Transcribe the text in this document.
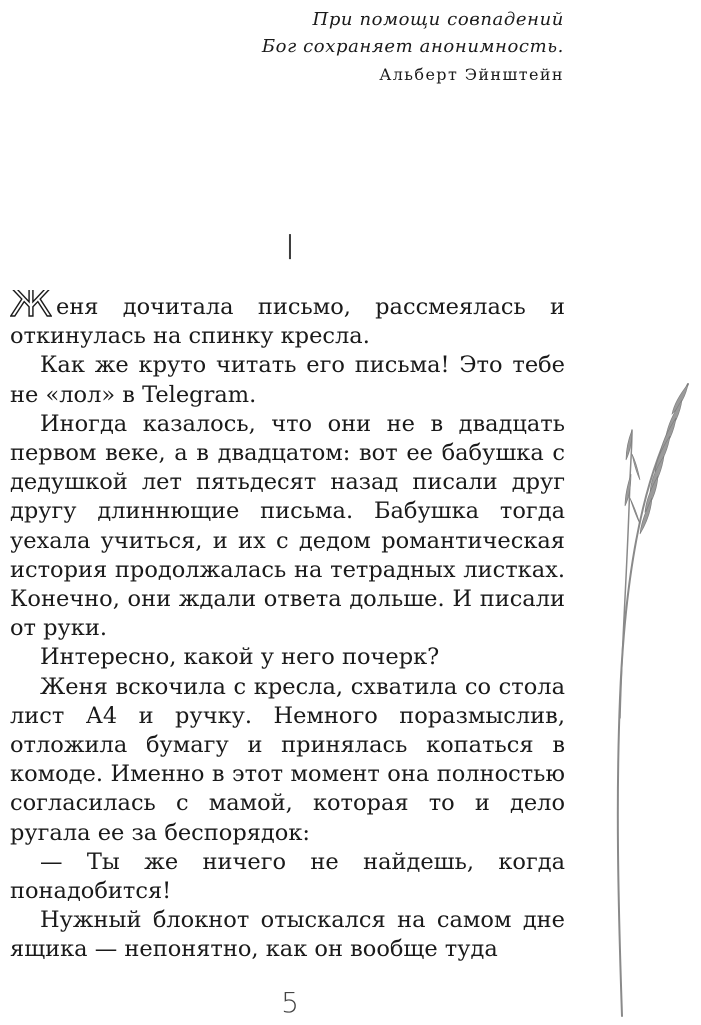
При помощи совпадений
Бог сохраняет анонимность.
Альберт Эйнштейн
I

Ж еня дочитала письмо, рассмеялась и откинулась на спинку кресла.

Как же круто читать его письма! Это тебе не «лол» в Telegram.

Иногда казалось, что они не в двадцать первом веке, а в двадцатом: вот ее бабушка с дедушкой лет пятьдесят назад писали друг другу длиннющие письма. Бабушка тогда уехала учиться, и их с дедом романтическая история продолжалась на тетрадных листках. Конечно, они ждали ответа дольше. И писали от руки.

Интересно, какой у него почерк?

Женя вскочила с кресла, схватила со стола лист А4 и ручку. Немного поразмыслив, отложила бумагу и принялась копаться в комоде. Именно в этот момент она полностью согласилась с мамой, которая то и дело ругала ее за беспорядок:

— Ты же ничего не найдешь, когда понадобится!

Нужный блокнот отыскался на самом дне ящика — непонятно, как он вообще туда

5
